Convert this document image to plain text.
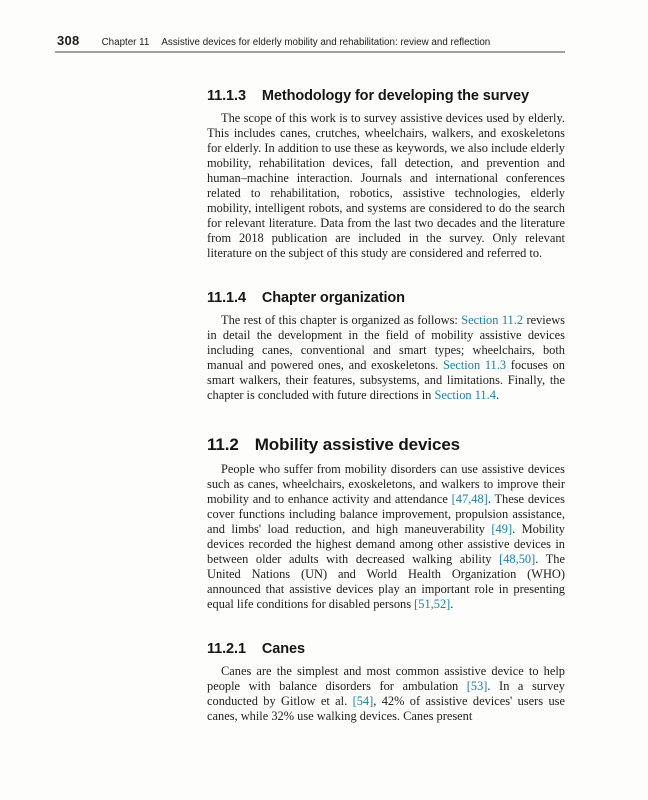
308 Chapter 11 Assistive devices for elderly mobility and rehabilitation: review and reflection
11.1.3 Methodology for developing the survey

The scope of this work is to survey assistive devices used by elderly. This includes canes, crutches, wheelchairs, walkers, and exoskeletons for elderly. In addition to use these as keywords, we also include elderly mobility, rehabilitation devices, fall detection, and prevention and human–machine interaction. Journals and international conferences related to rehabilitation, robotics, assistive technologies, elderly mobility, intelligent robots, and systems are considered to do the search for relevant literature. Data from the last two decades and the literature from 2018 publication are included in the survey. Only relevant literature on the subject of this study are considered and referred to.

11.1.4 Chapter organization

The rest of this chapter is organized as follows: Section 11.2 reviews in detail the development in the field of mobility assistive devices including canes, conventional and smart types; wheelchairs, both manual and powered ones, and exoskeletons. Section 11.3 focuses on smart walkers, their features, subsystems, and limitations. Finally, the chapter is concluded with future directions in Section 11.4.

11.2 Mobility assistive devices

People who suffer from mobility disorders can use assistive devices such as canes, wheelchairs, exoskeletons, and walkers to improve their mobility and to enhance activity and attendance [47,48]. These devices cover functions including balance improvement, propulsion assistance, and limbs' load reduction, and high maneuverability [49]. Mobility devices recorded the highest demand among other assistive devices in between older adults with decreased walking ability [48,50]. The United Nations (UN) and World Health Organization (WHO) announced that assistive devices play an important role in presenting equal life conditions for disabled persons [51,52].

11.2.1 Canes

Canes are the simplest and most common assistive device to help people with balance disorders for ambulation [53]. In a survey conducted by Gitlow et al. [54], 42% of assistive devices' users use canes, while 32% use walking devices. Canes present
